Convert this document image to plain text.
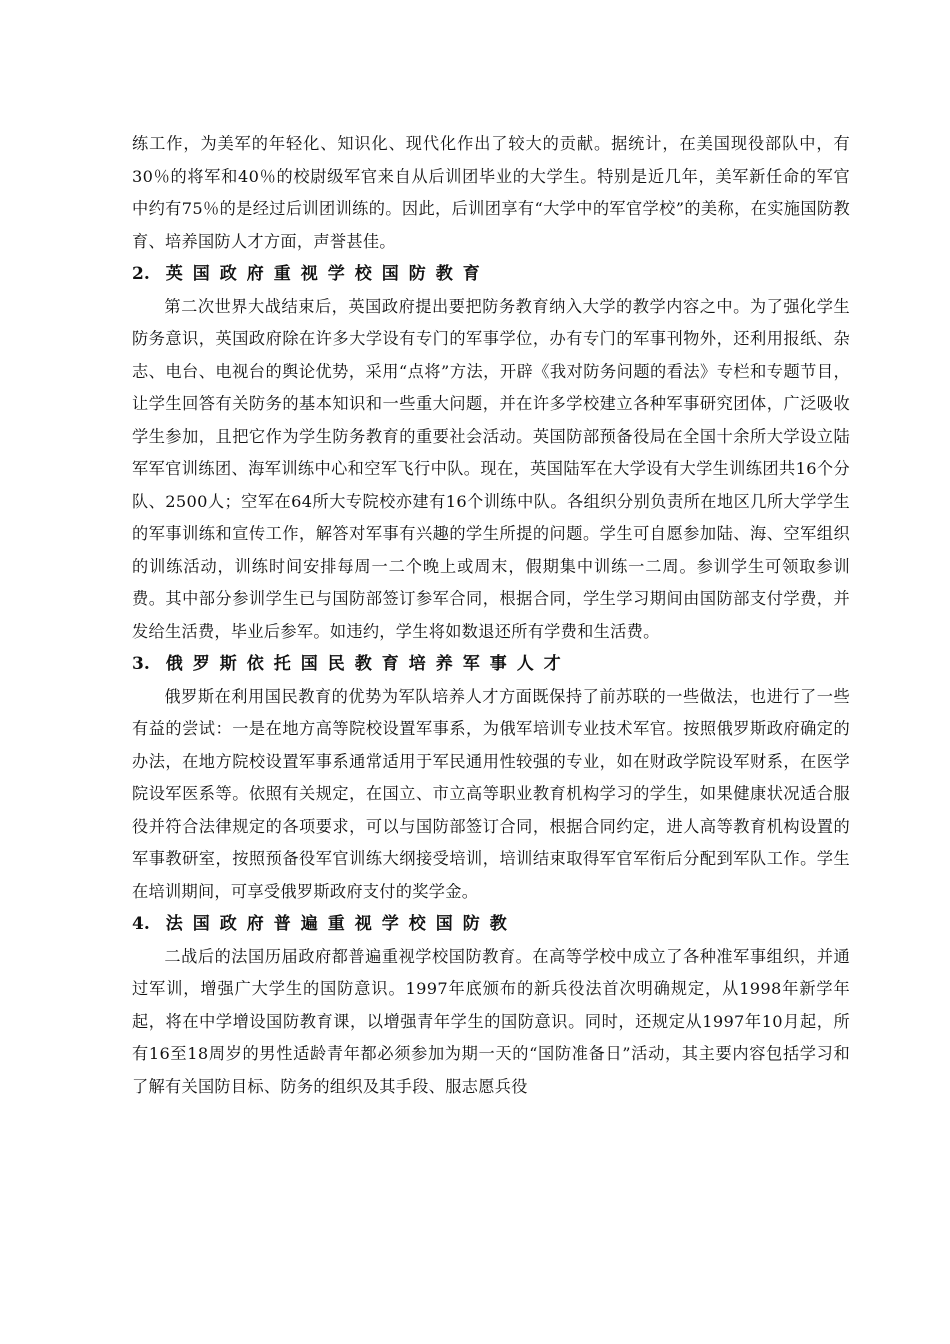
练工作，为美军的年轻化、知识化、现代化作出了较大的贡献。据统计，在美国现役部队中，有30％的将军和40％的校尉级军官来自从后训团毕业的大学生。特别是近几年，美军新任命的军官中约有75％的是经过后训团训练的。因此，后训团享有“大学中的军官学校”的美称，在实施国防教育、培养国防人才方面，声誉甚佳。

2. 英国政府重视学校国防教育

第二次世界大战结束后，英国政府提出要把防务教育纳入大学的教学内容之中。为了强化学生防务意识，英国政府除在许多大学设有专门的军事学位，办有专门的军事刊物外，还利用报纸、杂志、电台、电视台的舆论优势，采用“点将”方法，开辟《我对防务问题的看法》专栏和专题节目，让学生回答有关防务的基本知识和一些重大问题，并在许多学校建立各种军事研究团体，广泛吸收学生参加，且把它作为学生防务教育的重要社会活动。英国防部预备役局在全国十余所大学设立陆军军官训练团、海军训练中心和空军飞行中队。现在，英国陆军在大学设有大学生训练团共16个分队、2500人；空军在64所大专院校亦建有16个训练中队。各组织分别负责所在地区几所大学学生的军事训练和宣传工作，解答对军事有兴趣的学生所提的问题。学生可自愿参加陆、海、空军组织的训练活动，训练时间安排每周一二个晚上或周末，假期集中训练一二周。参训学生可领取参训费。其中部分参训学生已与国防部签订参军合同，根据合同，学生学习期间由国防部支付学费，并发给生活费，毕业后参军。如违约，学生将如数退还所有学费和生活费。

3. 俄罗斯依托国民教育培养军事人才

俄罗斯在利用国民教育的优势为军队培养人才方面既保持了前苏联的一些做法，也进行了一些有益的尝试：一是在地方高等院校设置军事系，为俄军培训专业技术军官。按照俄罗斯政府确定的办法，在地方院校设置军事系通常适用于军民通用性较强的专业，如在财政学院设军财系，在医学院设军医系等。依照有关规定，在国立、市立高等职业教育机构学习的学生，如果健康状况适合服役并符合法律规定的各项要求，可以与国防部签订合同，根据合同约定，进人高等教育机构设置的军事教研室，按照预备役军官训练大纲接受培训，培训结束取得军官军衔后分配到军队工作。学生在培训期间，可享受俄罗斯政府支付的奖学金。

4. 法国政府普遍重视学校国防教

二战后的法国历届政府都普遍重视学校国防教育。在高等学校中成立了各种准军事组织，并通过军训，增强广大学生的国防意识。1997年底颁布的新兵役法首次明确规定，从1998年新学年起，将在中学增设国防教育课，以增强青年学生的国防意识。同时，还规定从1997年10月起，所有16至18周岁的男性适龄青年都必须参加为期一天的“国防准备日”活动，其主要内容包括学习和了解有关国防目标、防务的组织及其手段、服志愿兵役
